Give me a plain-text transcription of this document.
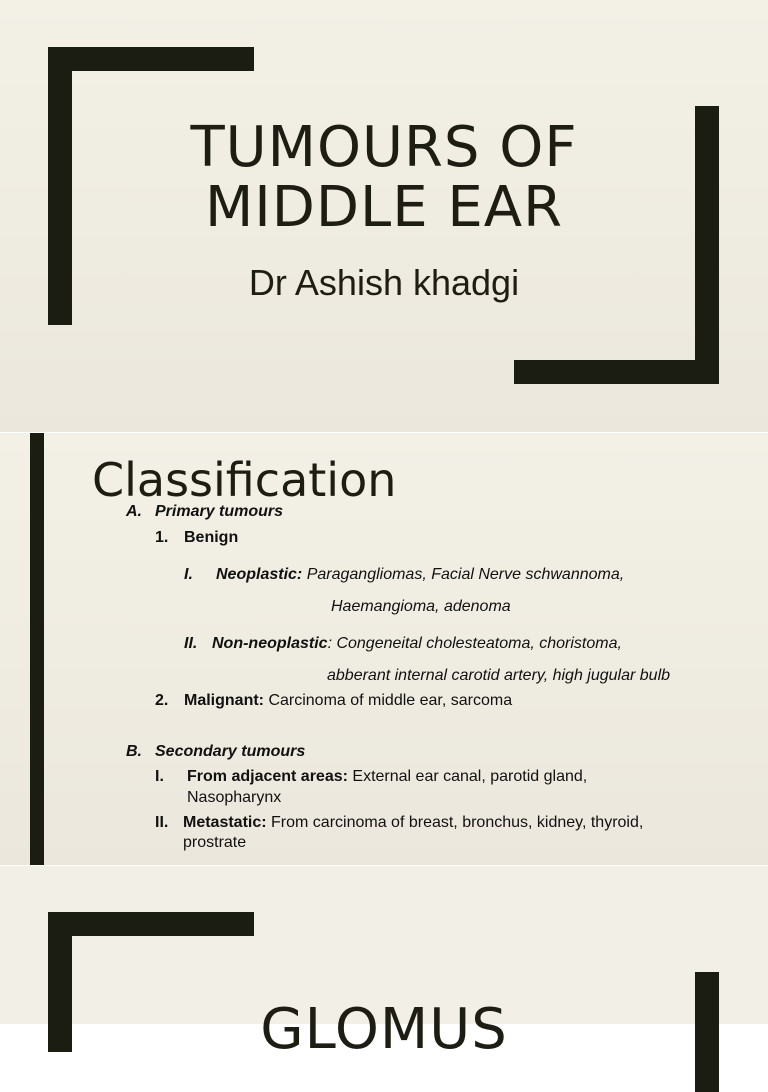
TUMOURS OF
MIDDLE EAR
Dr Ashish khadgi
Classification
A. Primary tumours
1. Benign
I. Neoplastic: Paragangliomas, Facial Nerve schwannoma,
Haemangioma, adenoma
II. Non-neoplastic: Congeneital cholesteatoma, choristoma,
abberant internal carotid artery, high jugular bulb
2. Malignant: Carcinoma of middle ear, sarcoma
B. Secondary tumours
I. From adjacent areas: External ear canal, parotid gland,
Nasopharynx
II. Metastatic: From carcinoma of breast, bronchus, kidney, thyroid,
prostrate
GLOMUS
